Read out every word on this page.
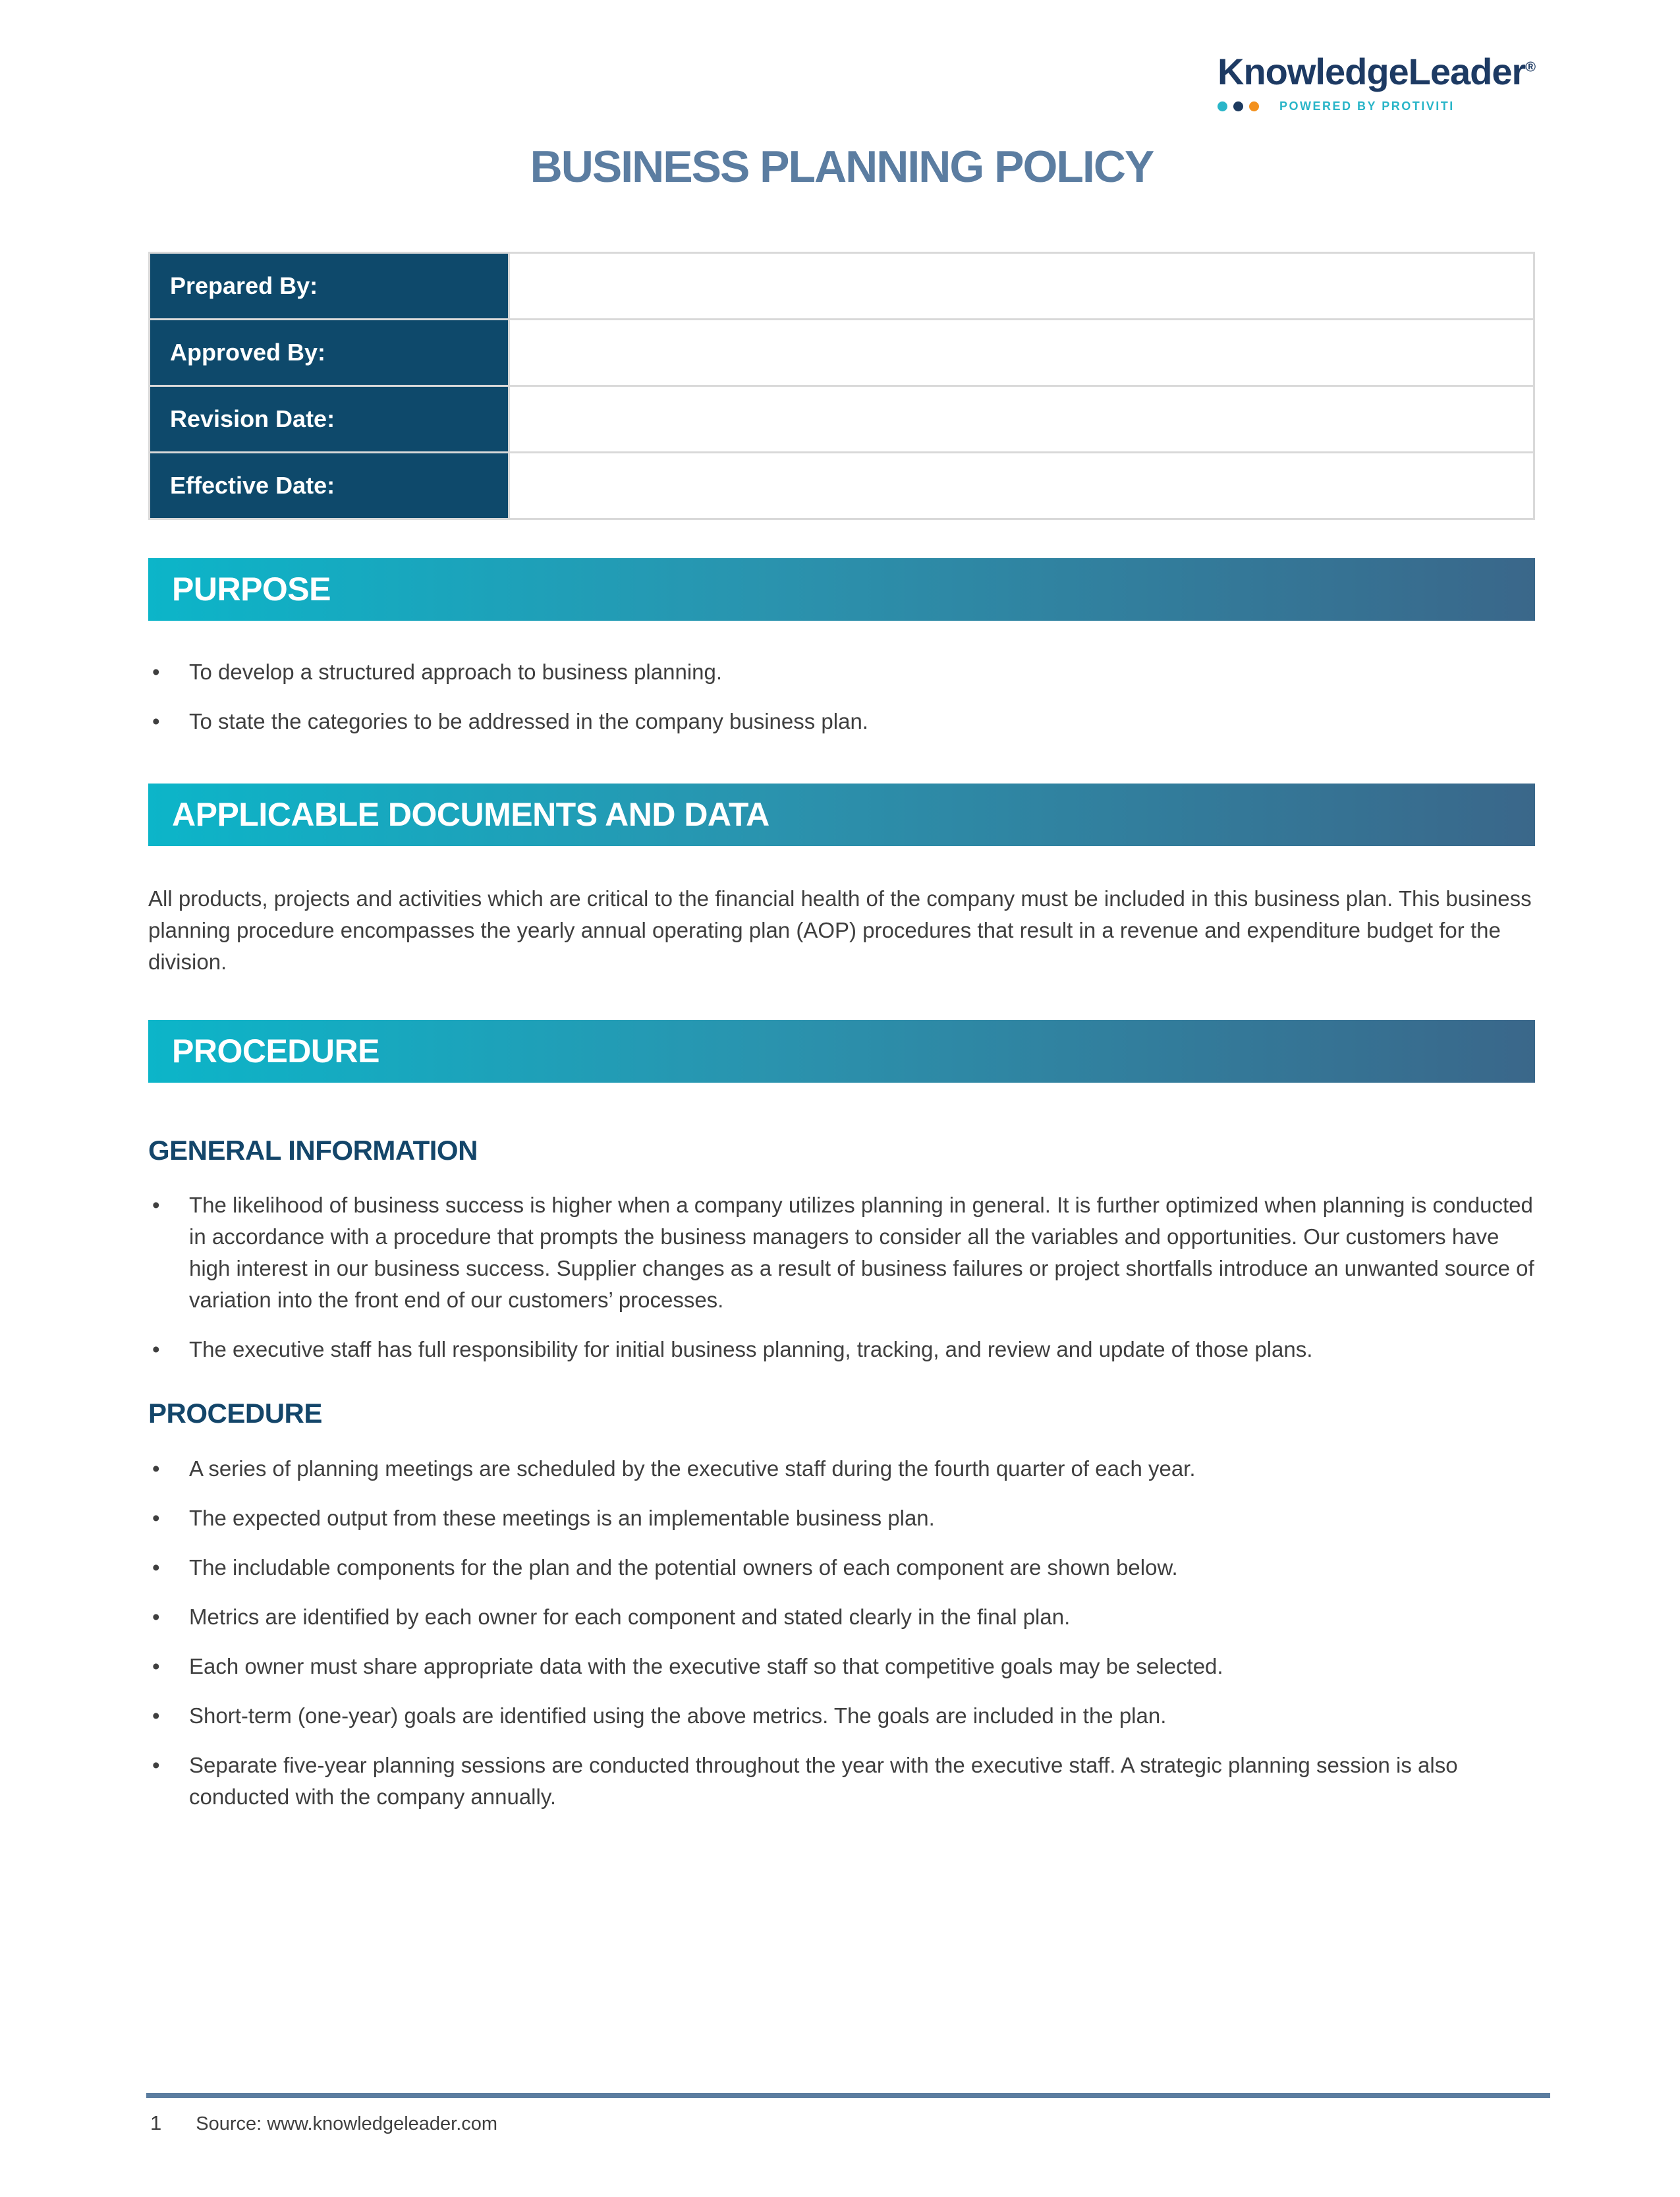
KnowledgeLeader®
POWERED BY PROTIVITI
BUSINESS PLANNING POLICY
Prepared By:	
Approved By:	
Revision Date:	
Effective Date:	
PURPOSE
•	To develop a structured approach to business planning.
•	To state the categories to be addressed in the company business plan.
APPLICABLE DOCUMENTS AND DATA

All products, projects and activities which are critical to the financial health of the company must be included in this business plan. This business planning procedure encompasses the yearly annual operating plan (AOP) procedures that result in a revenue and expenditure budget for the division.

PROCEDURE
GENERAL INFORMATION
•	The likelihood of business success is higher when a company utilizes planning in general. It is further optimized when planning is conducted in accordance with a procedure that prompts the business managers to consider all the variables and opportunities. Our customers have high interest in our business success. Supplier changes as a result of business failures or project shortfalls introduce an unwanted source of variation into the front end of our customers’ processes.
•	The executive staff has full responsibility for initial business planning, tracking, and review and update of those plans.
PROCEDURE
•	A series of planning meetings are scheduled by the executive staff during the fourth quarter of each year.
•	The expected output from these meetings is an implementable business plan.
•	The includable components for the plan and the potential owners of each component are shown below.
•	Metrics are identified by each owner for each component and stated clearly in the final plan.
•	Each owner must share appropriate data with the executive staff so that competitive goals may be selected.
•	Short-term (one-year) goals are identified using the above metrics. The goals are included in the plan.
•	Separate five-year planning sessions are conducted throughout the year with the executive staff. A strategic planning session is also conducted with the company annually.
1 Source: www.knowledgeleader.com
